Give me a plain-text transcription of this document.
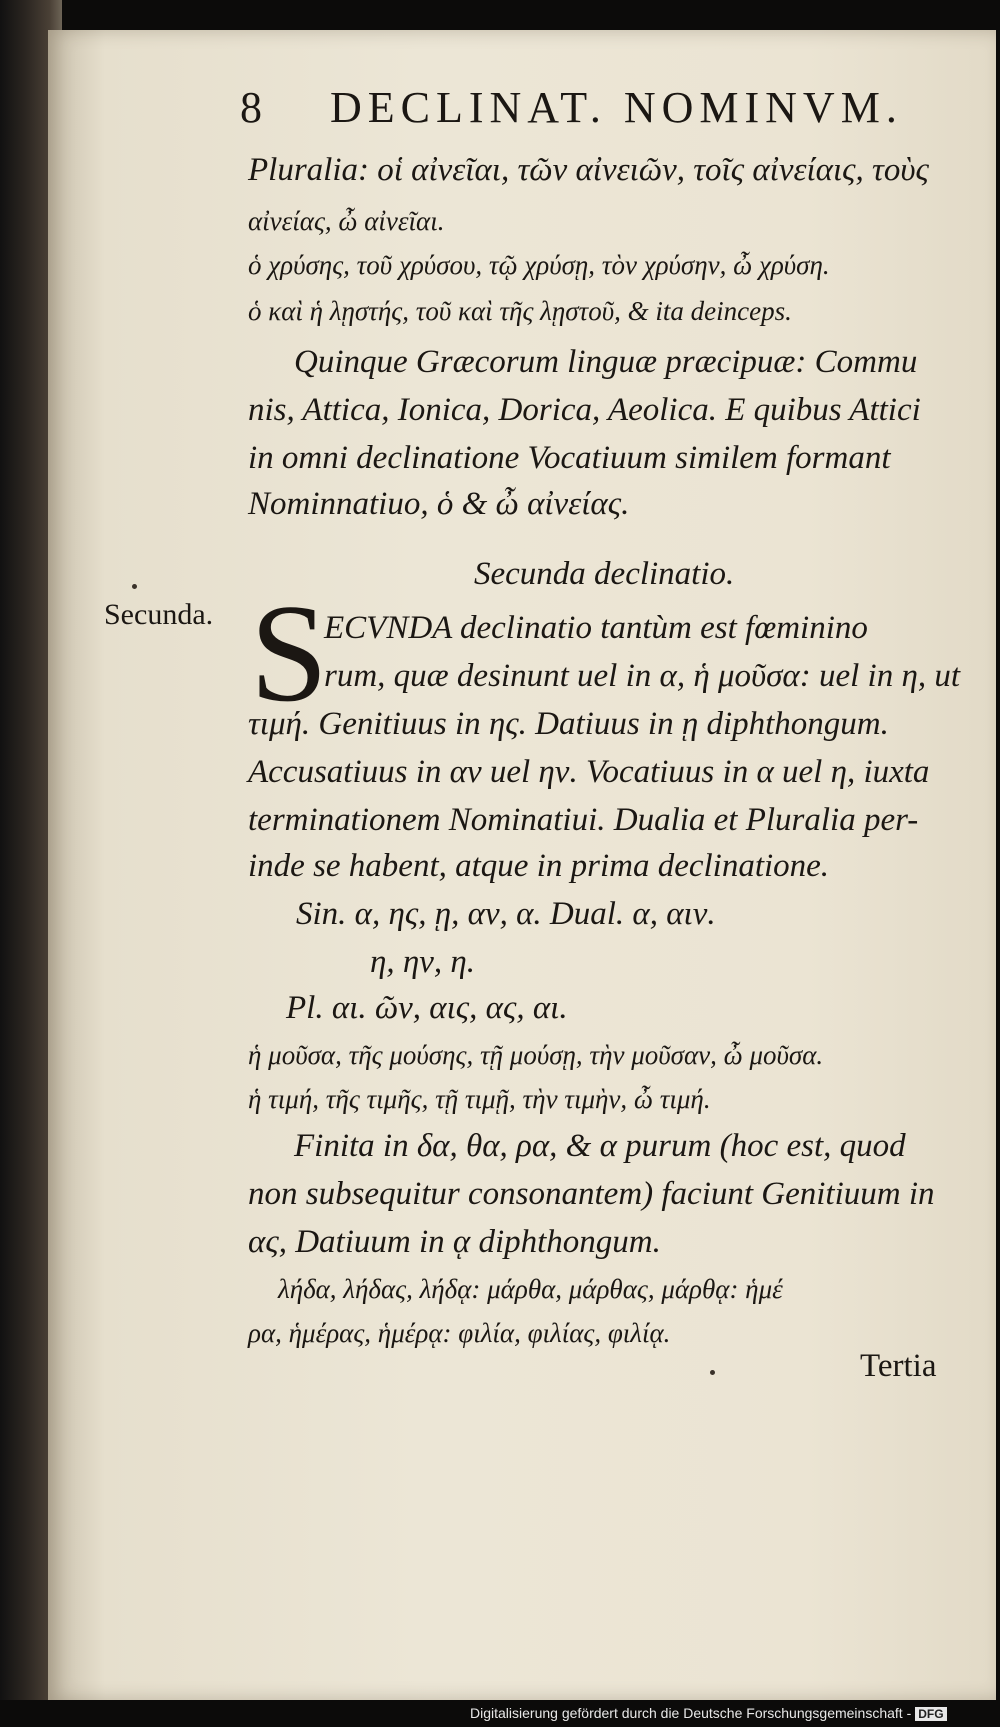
8 DECLINAT. NOMINVM.
Pluralia: οἱ αἰνεῖαι, τῶν αἰνειῶν, τοῖς αἰνείαις, τοὺς
αἰνείας, ὦ αἰνεῖαι.
ὁ χρύσης, τοῦ χρύσου, τῷ χρύσῃ, τὸν χρύσην, ὦ χρύση.
ὁ καὶ ἡ λῃστής, τοῦ καὶ τῆς λῃστοῦ, & ita deinceps.
Quinque Græcorum linguæ præcipuæ: Commu
nis, Attica, Ionica, Dorica, Aeolica. E quibus Attici
in omni declinatione Vocatiuum similem formant
Nominnatiuo, ὁ & ὦ αἰνείας.
Secunda declinatio.
Secunda. S
ECVNDA declinatio tantùm est fœminino
rum, quæ desinunt uel in α, ἡ μοῦσα: uel in η, ut
τιμή. Genitiuus in ης. Datiuus in ῃ diphthongum.
Accusatiuus in αν uel ην. Vocatiuus in α uel η, iuxta
terminationem Nominatiui. Dualia et Pluralia per-
inde se habent, atque in prima declinatione.
Sin. α, ης, ῃ, αν, α. Dual. α, αιν.
η, ην, η.
Pl. αι. ῶν, αις, ας, αι.
ἡ μοῦσα, τῆς μούσης, τῇ μούσῃ, τὴν μοῦσαν, ὦ μοῦσα.
ἡ τιμή, τῆς τιμῆς, τῇ τιμῇ, τὴν τιμὴν, ὦ τιμή.
Finita in δα, θα, ρα, & α purum (hoc est, quod
non subsequitur consonantem) faciunt Genitiuum in
ας, Datiuum in ᾳ diphthongum.
λήδα, λήδας, λήδᾳ: μάρθα, μάρθας, μάρθᾳ: ἡμέ
ρα, ἡμέρας, ἡμέρᾳ: φιλία, φιλίας, φιλίᾳ.
Tertia
Digitalisierung gefördert durch die Deutsche Forschungsgemeinschaft - DFG
